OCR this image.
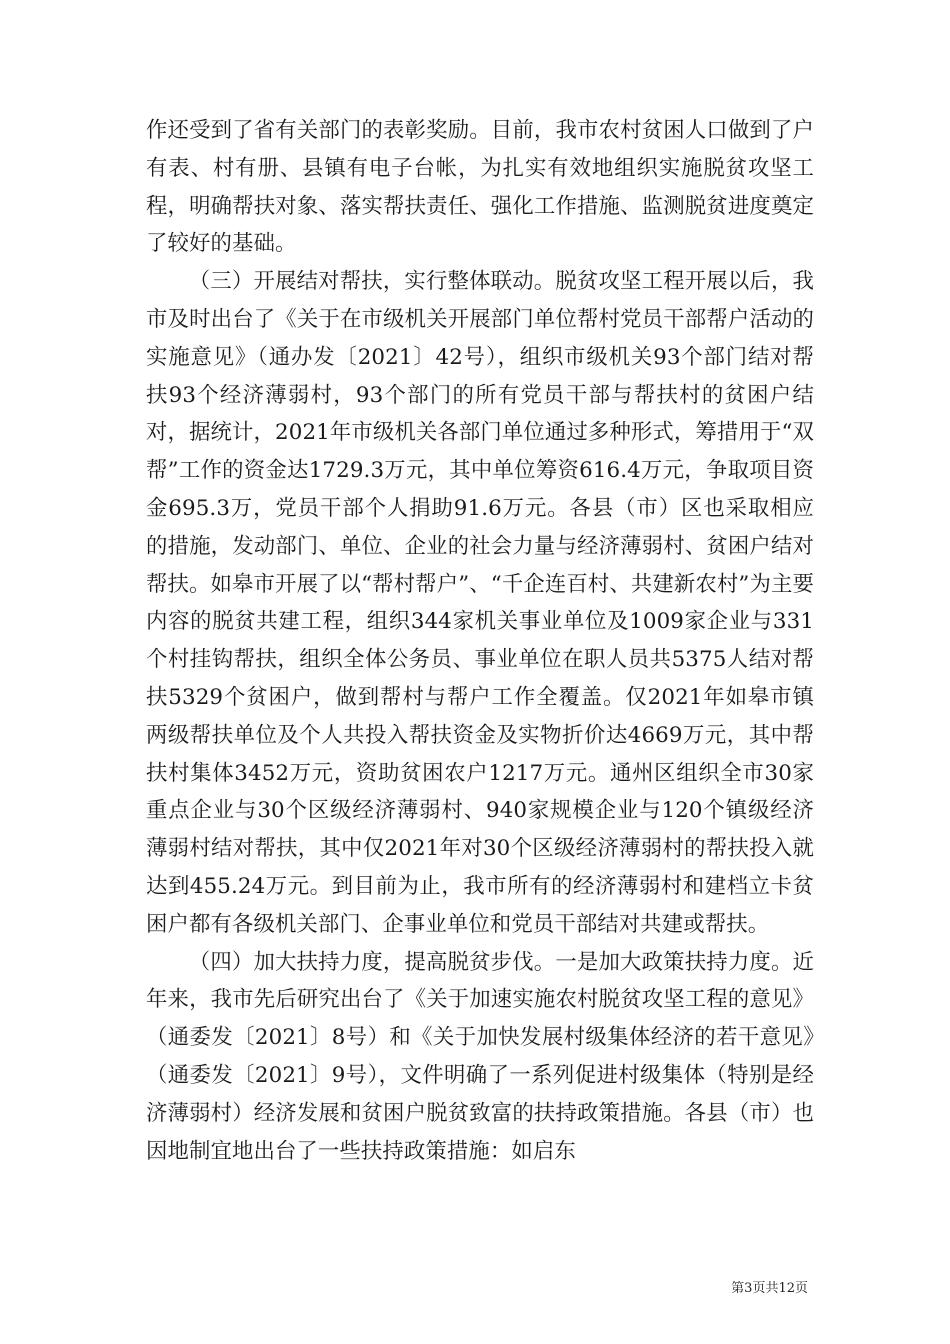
作还受到了省有关部门的表彰奖励。目前，我市农村贫困人口做到了户有表、村有册、县镇有电子台帐，为扎实有效地组织实施脱贫攻坚工程，明确帮扶对象、落实帮扶责任、强化工作措施、监测脱贫进度奠定了较好的基础。

（三）开展结对帮扶，实行整体联动。脱贫攻坚工程开展以后，我市及时出台了《关于在市级机关开展部门单位帮村党员干部帮户活动的实施意见》（通办发〔2021〕42号），组织市级机关93个部门结对帮扶93个经济薄弱村，93个部门的所有党员干部与帮扶村的贫困户结对，据统计，2021年市级机关各部门单位通过多种形式，筹措用于“双帮”工作的资金达1729.3万元，其中单位筹资616.4万元，争取项目资金695.3万，党员干部个人捐助91.6万元。各县（市）区也采取相应的措施，发动部门、单位、企业的社会力量与经济薄弱村、贫困户结对帮扶。如皋市开展了以“帮村帮户”、“千企连百村、共建新农村”为主要内容的脱贫共建工程，组织344家机关事业单位及1009家企业与331个村挂钩帮扶，组织全体公务员、事业单位在职人员共5375人结对帮扶5329个贫困户，做到帮村与帮户工作全覆盖。仅2021年如皋市镇两级帮扶单位及个人共投入帮扶资金及实物折价达4669万元，其中帮扶村集体3452万元，资助贫困农户1217万元。通州区组织全市30家重点企业与30个区级经济薄弱村、940家规模企业与120个镇级经济薄弱村结对帮扶，其中仅2021年对30个区级经济薄弱村的帮扶投入就达到455.24万元。到目前为止，我市所有的经济薄弱村和建档立卡贫困户都有各级机关部门、企事业单位和党员干部结对共建或帮扶。

（四）加大扶持力度，提高脱贫步伐。一是加大政策扶持力度。近年来，我市先后研究出台了《关于加速实施农村脱贫攻坚工程的意见》（通委发〔2021〕8号）和《关于加快发展村级集体经济的若干意见》（通委发〔2021〕9号），文件明确了一系列促进村级集体（特别是经济薄弱村）经济发展和贫困户脱贫致富的扶持政策措施。各县（市）也因地制宜地出台了一些扶持政策措施：如启东

第3页共12页
